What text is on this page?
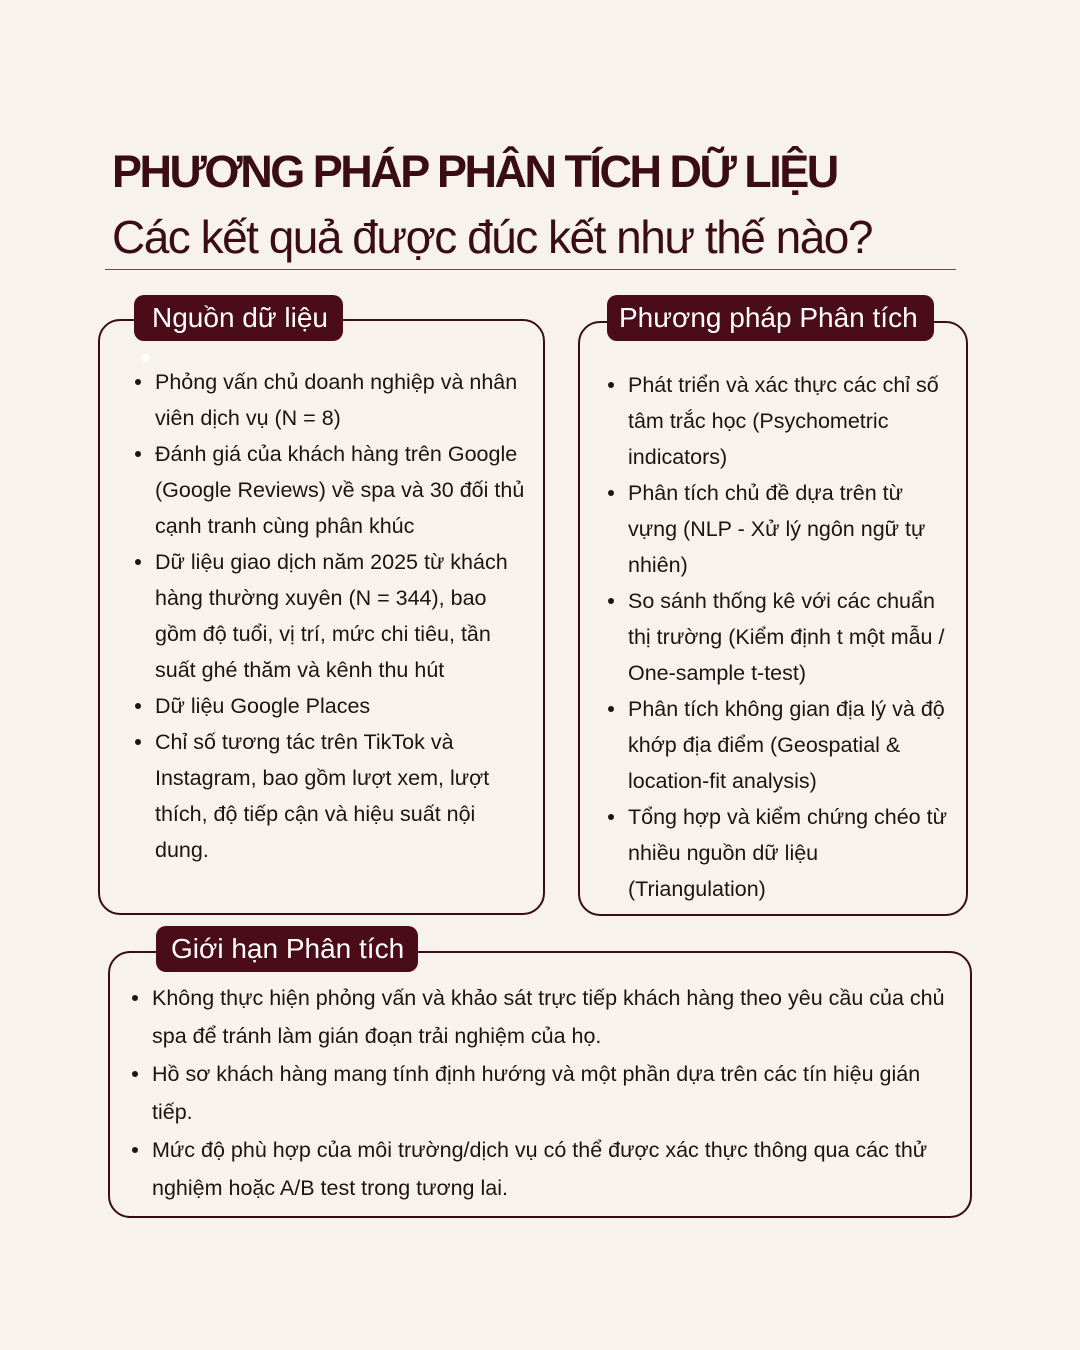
PHƯƠNG PHÁP PHÂN TÍCH DỮ LIỆU
Các kết quả được đúc kết như thế nào?
Nguồn dữ liệu
Phỏng vấn chủ doanh nghiệp và nhân viên dịch vụ (N = 8)
Đánh giá của khách hàng trên Google (Google Reviews) về spa và 30 đối thủ cạnh tranh cùng phân khúc
Dữ liệu giao dịch năm 2025 từ khách hàng thường xuyên (N = 344), bao gồm độ tuổi, vị trí, mức chi tiêu, tần suất ghé thăm và kênh thu hút
Dữ liệu Google Places
Chỉ số tương tác trên TikTok và Instagram, bao gồm lượt xem, lượt thích, độ tiếp cận và hiệu suất nội dung.
Phương pháp Phân tích
Phát triển và xác thực các chỉ số tâm trắc học (Psychometric indicators)
Phân tích chủ đề dựa trên từ vựng (NLP - Xử lý ngôn ngữ tự nhiên)
So sánh thống kê với các chuẩn thị trường (Kiểm định t một mẫu / One-sample t-test)
Phân tích không gian địa lý và độ khớp địa điểm (Geospatial & location-fit analysis)
Tổng hợp và kiểm chứng chéo từ nhiều nguồn dữ liệu (Triangulation)
Giới hạn Phân tích
Không thực hiện phỏng vấn và khảo sát trực tiếp khách hàng theo yêu cầu của chủ spa để tránh làm gián đoạn trải nghiệm của họ.
Hồ sơ khách hàng mang tính định hướng và một phần dựa trên các tín hiệu gián tiếp.
Mức độ phù hợp của môi trường/dịch vụ có thể được xác thực thông qua các thử nghiệm hoặc A/B test trong tương lai.
